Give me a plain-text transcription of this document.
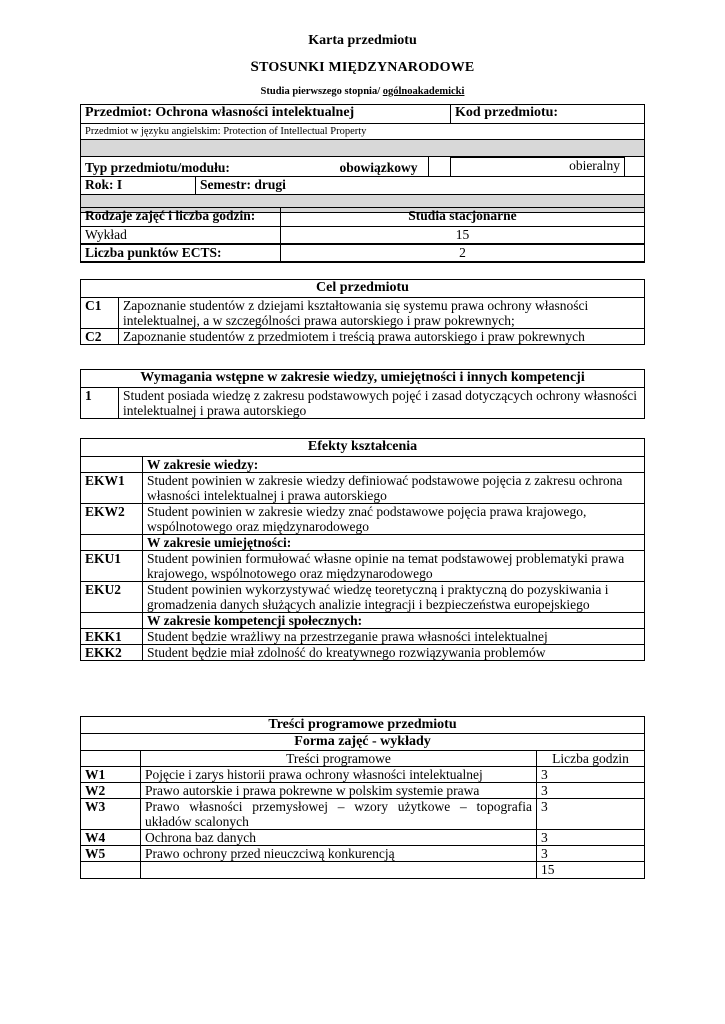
Karta przedmiotu
STOSUNKI MIĘDZYNARODOWE
Studia pierwszego stopnia/ ogólnoakademicki
Przedmiot: Ochrona własności intelektualnej				Kod przedmiotu:	
Przedmiot w języku angielskim: Protection of Intellectual Property					

Typ przedmiotu/modułu:		obowiązkowy		obieralny	
Rok: I	Semestr: drugi				

Rodzaje zajęć i liczba godzin:	Studia stacjonarne
Wykład	15
Liczba punktów ECTS:	2
Cel przedmiotu	
C1	Zapoznanie studentów z dziejami kształtowania się systemu prawa ochrony własności intelektualnej, a w szczególności prawa autorskiego i praw pokrewnych;
C2	Zapoznanie studentów z przedmiotem i treścią prawa autorskiego i praw pokrewnych
Wymagania wstępne w zakresie wiedzy, umiejętności i innych kompetencji
1	Student posiada wiedzę z zakresu podstawowych pojęć i zasad dotyczących ochrony własności intelektualnej i prawa autorskiego
Efekty kształcenia	
	W zakresie wiedzy:
EKW1	Student powinien w zakresie wiedzy definiować podstawowe pojęcia z zakresu ochrona własności intelektualnej i prawa autorskiego
EKW2	Student powinien w zakresie wiedzy znać podstawowe pojęcia prawa krajowego, wspólnotowego oraz międzynarodowego
	W zakresie umiejętności:
EKU1	Student powinien formułować własne opinie na temat podstawowej problematyki prawa krajowego, wspólnotowego oraz międzynarodowego
EKU2	Student powinien wykorzystywać wiedzę teoretyczną i praktyczną do pozyskiwania i gromadzenia danych służących analizie integracji i bezpieczeństwa europejskiego
	W zakresie kompetencji społecznych:
EKK1	Student będzie wrażliwy na przestrzeganie prawa własności intelektualnej
EKK2	Student będzie miał zdolność do kreatywnego rozwiązywania problemów
Treści programowe przedmiotu		
Forma zajęć - wykłady		
	Treści programowe	Liczba godzin
W1	Pojęcie i zarys historii prawa ochrony własności intelektualnej	3
W2	Prawo autorskie i prawa pokrewne w polskim systemie prawa	3
W3	Prawo własności przemysłowej – wzory użytkowe – topografia układów scalonych	3
W4	Ochrona baz danych	3
W5	Prawo ochrony przed nieuczciwą konkurencją	3
		15
